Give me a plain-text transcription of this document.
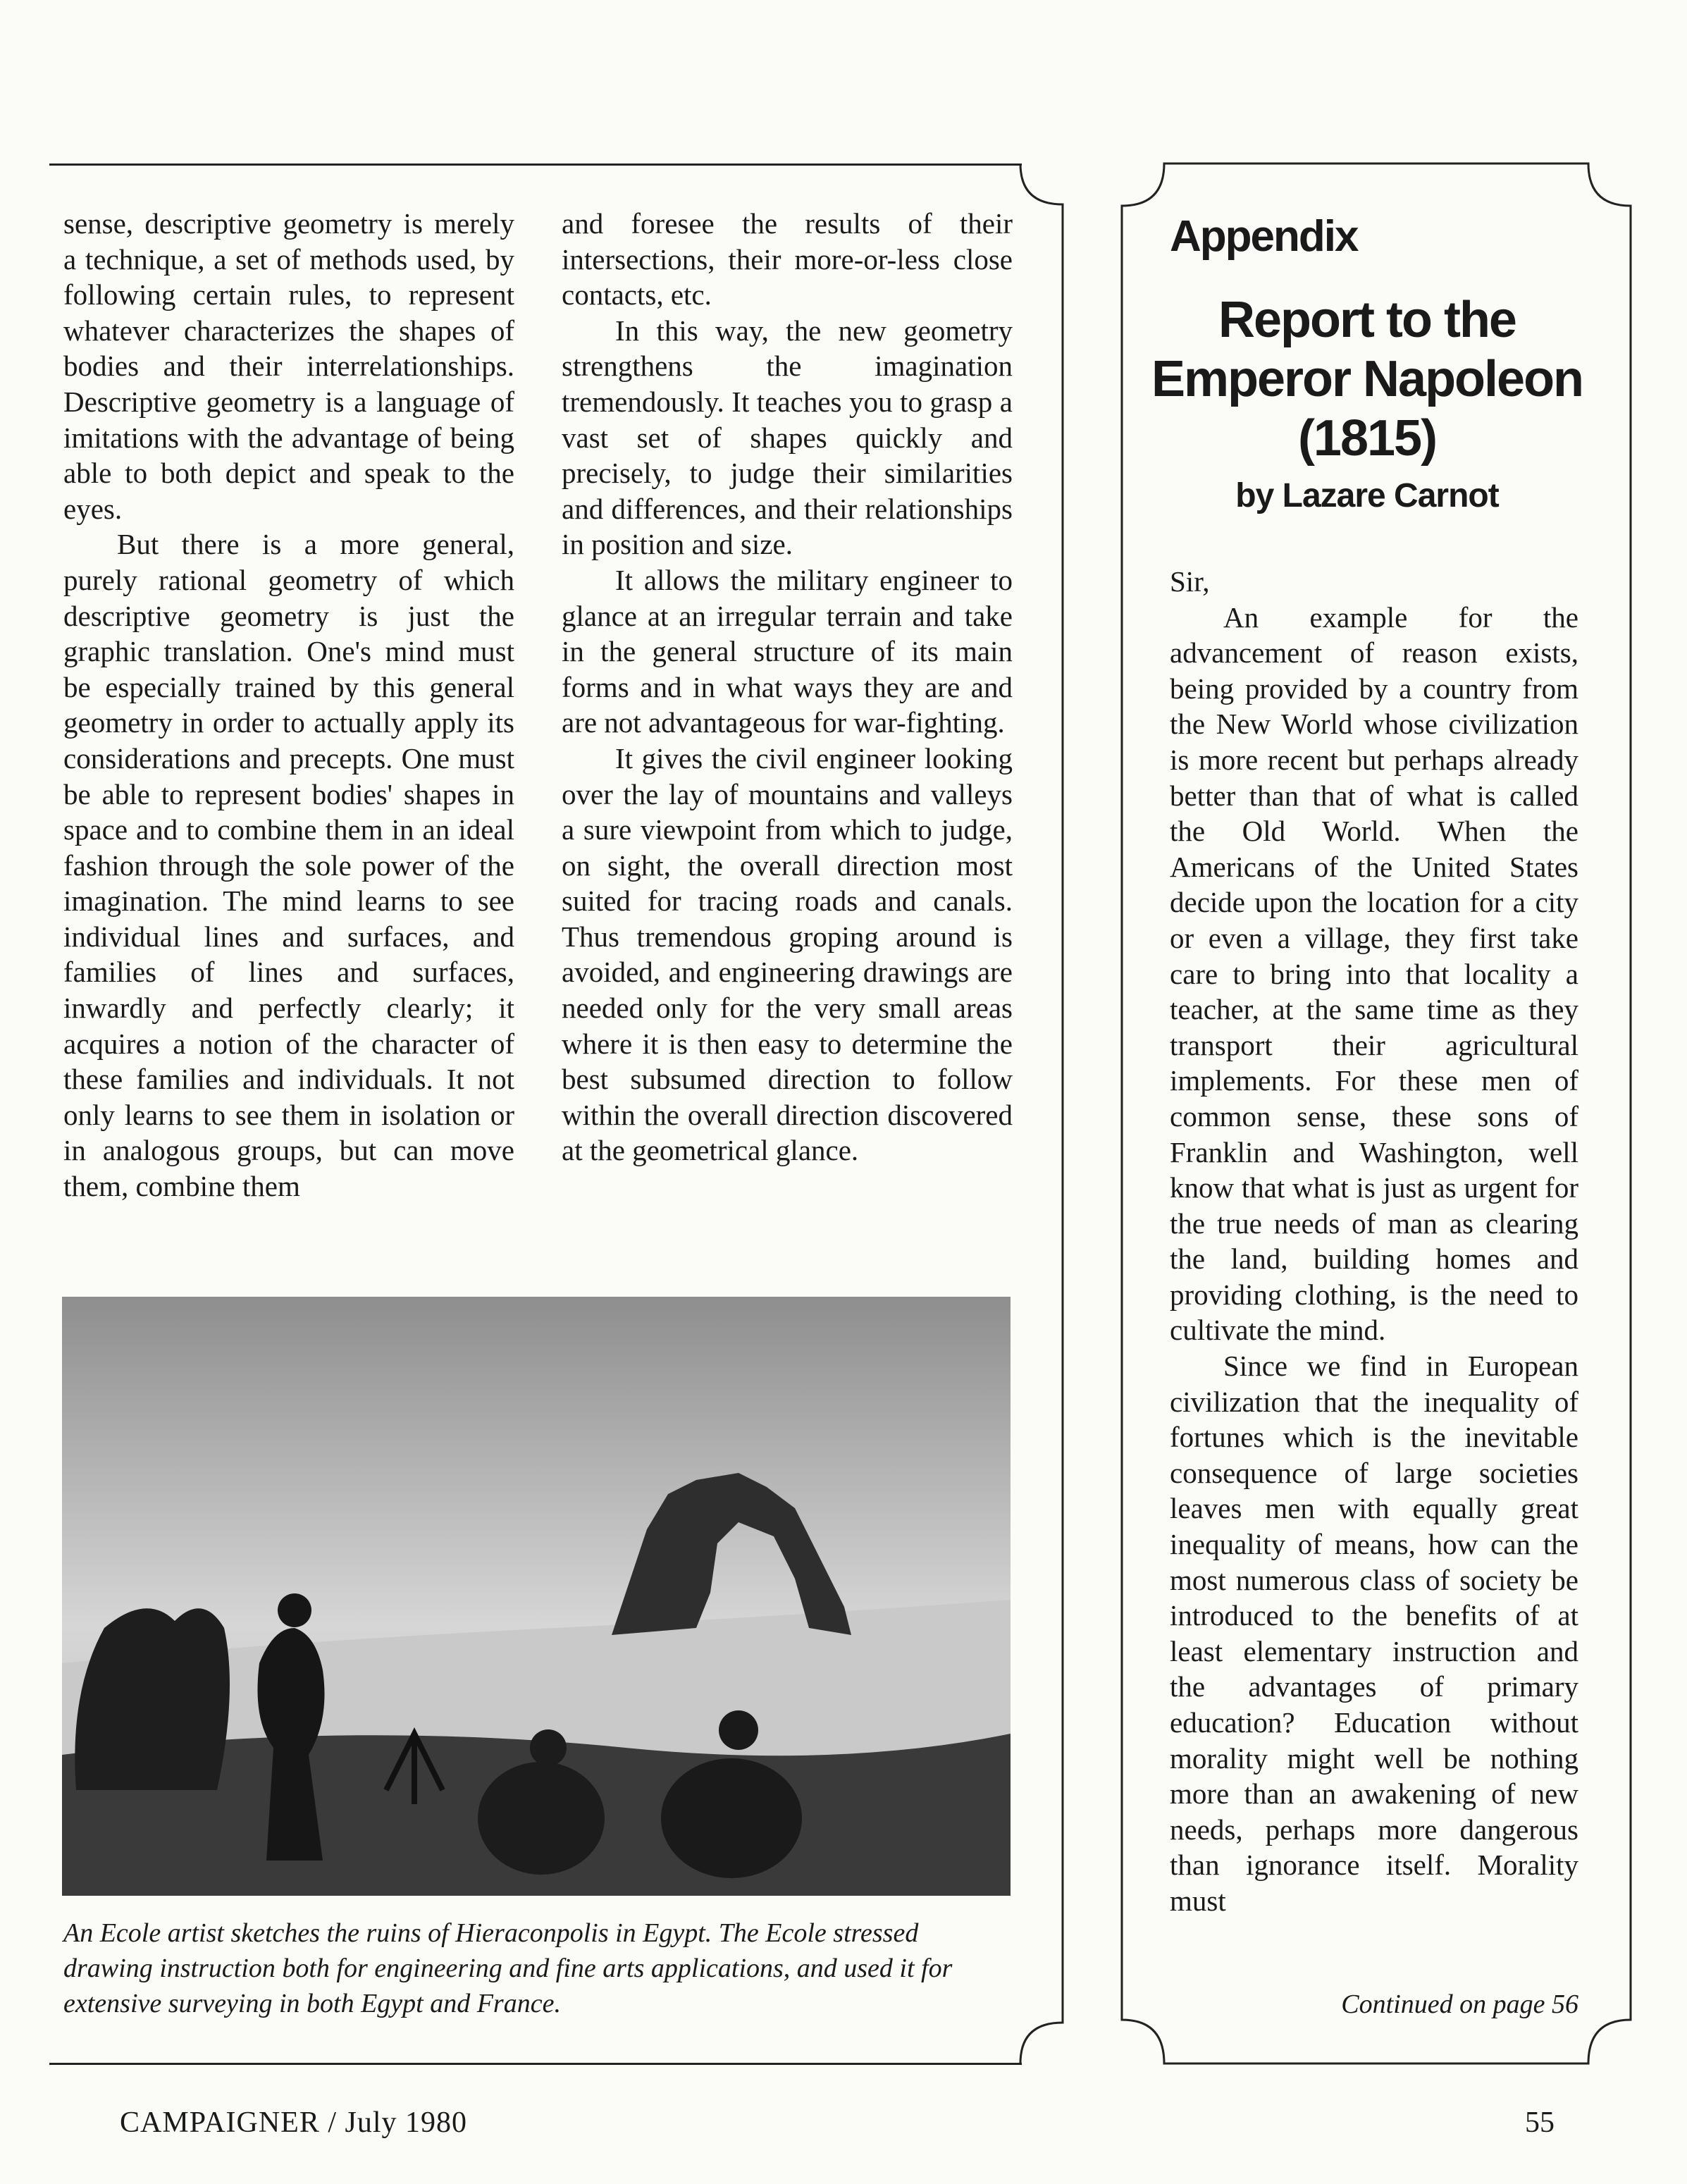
sense, descriptive geometry is merely a technique, a set of methods used, by following certain rules, to represent whatever characterizes the shapes of bodies and their interrelationships. Descriptive geometry is a language of imitations with the advantage of being able to both depict and speak to the eyes.

But there is a more general, purely rational geometry of which descriptive geometry is just the graphic translation. One's mind must be especially trained by this general geometry in order to actually apply its considerations and precepts. One must be able to represent bodies' shapes in space and to combine them in an ideal fashion through the sole power of the imagination. The mind learns to see individual lines and surfaces, and families of lines and surfaces, inwardly and perfectly clearly; it acquires a notion of the character of these families and individuals. It not only learns to see them in isolation or in analogous groups, but can move them, combine them

and foresee the results of their intersections, their more-or-less close contacts, etc.

In this way, the new geometry strengthens the imagination tremendously. It teaches you to grasp a vast set of shapes quickly and precisely, to judge their similarities and differences, and their relationships in position and size.

It allows the military engineer to glance at an irregular terrain and take in the general structure of its main forms and in what ways they are and are not advantageous for war-fighting.

It gives the civil engineer looking over the lay of mountains and valleys a sure viewpoint from which to judge, on sight, the overall direction most suited for tracing roads and canals. Thus tremendous groping around is avoided, and engineering drawings are needed only for the very small areas where it is then easy to determine the best subsumed direction to follow within the overall direction discovered at the geometrical glance.

An Ecole artist sketches the ruins of Hieraconpolis in Egypt. The Ecole stressed drawing instruction both for engineering and fine arts applications, and used it for extensive surveying in both Egypt and France.
Appendix
Report to the Emperor Napoleon (1815)
by Lazare Carnot

Sir,

An example for the advancement of reason exists, being provided by a country from the New World whose civilization is more recent but perhaps already better than that of what is called the Old World. When the Americans of the United States decide upon the location for a city or even a village, they first take care to bring into that locality a teacher, at the same time as they transport their agricultural implements. For these men of common sense, these sons of Franklin and Washington, well know that what is just as urgent for the true needs of man as clearing the land, building homes and providing clothing, is the need to cultivate the mind.

Since we find in European civilization that the inequality of fortunes which is the inevitable consequence of large societies leaves men with equally great inequality of means, how can the most numerous class of society be introduced to the benefits of at least elementary instruction and the advantages of primary education? Education without morality might well be nothing more than an awakening of new needs, perhaps more dangerous than ignorance itself. Morality must

Continued on page 56
CAMPAIGNER / July 1980	55
